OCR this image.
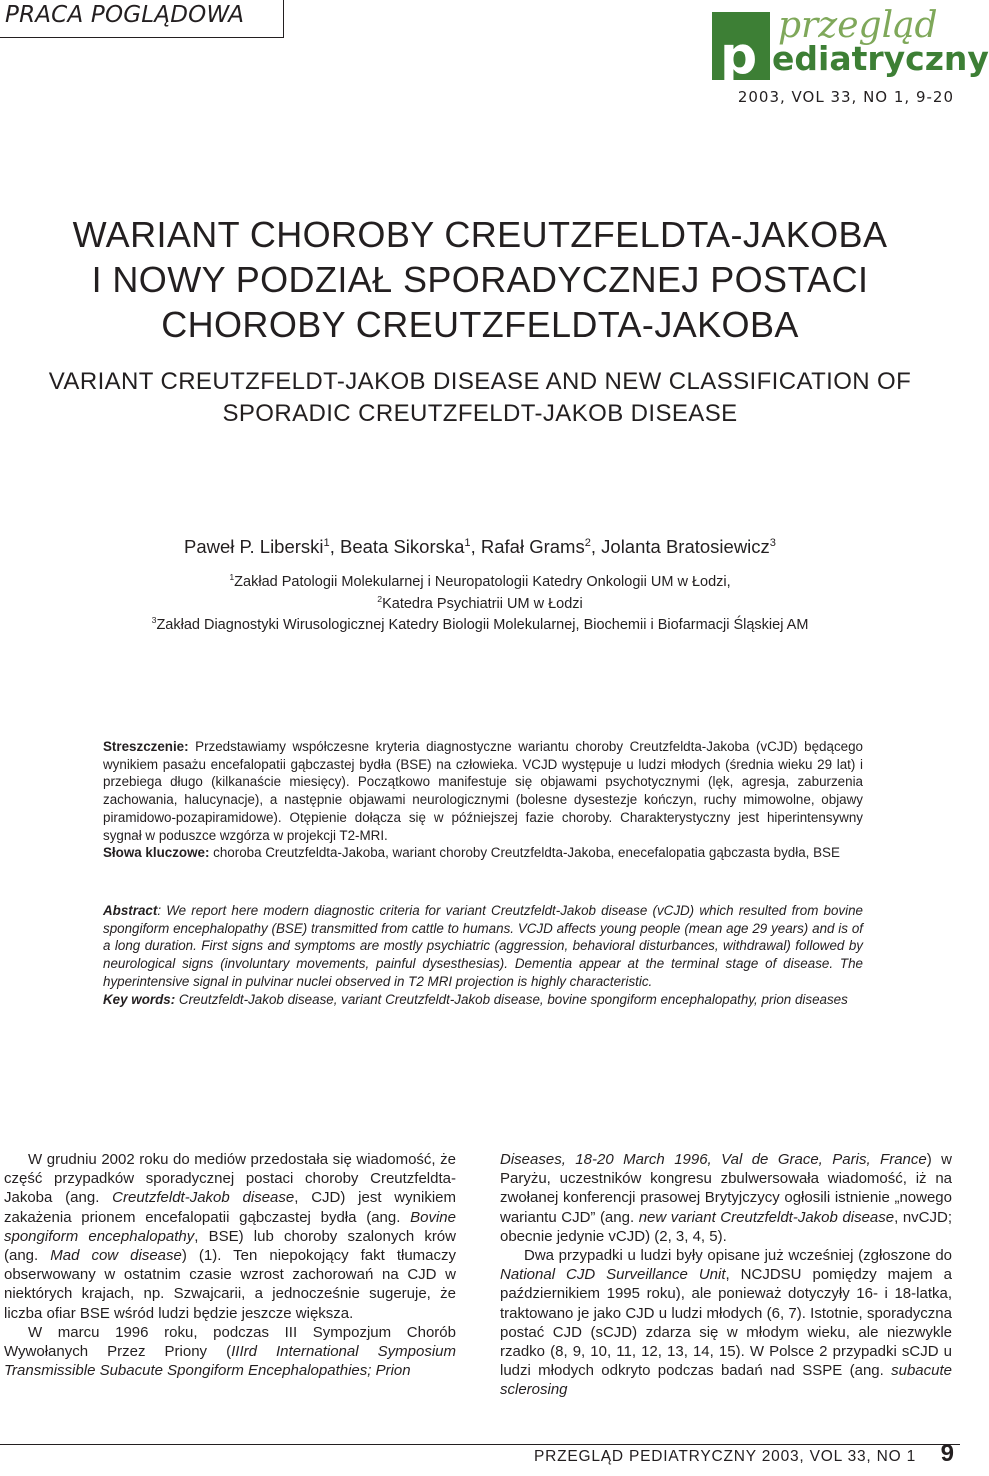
PRACA POGLĄDOWA
p
przegląd
ediatryczny
2003, VOL 33, NO 1, 9-20
WARIANT CHOROBY CREUTZFELDTA-JAKOBA
I NOWY PODZIAŁ SPORADYCZNEJ POSTACI
CHOROBY CREUTZFELDTA-JAKOBA
VARIANT CREUTZFELDT-JAKOB DISEASE AND NEW CLASSIFICATION OF
SPORADIC CREUTZFELDT-JAKOB DISEASE
Paweł P. Liberski$^1$, Beata Sikorska$^1$, Rafał Grams$^2$, Jolanta Bratosiewicz$^3$
$^1$Zakład Patologii Molekularnej i Neuropatologii Katedry Onkologii UM w Łodzi,
$^2$Katedra Psychiatrii UM w Łodzi
$^3$Zakład Diagnostyki Wirusologicznej Katedry Biologii Molekularnej, Biochemii i Biofarmacji Śląskiej AM
Streszczenie: Przedstawiamy współczesne kryteria diagnostyczne wariantu choroby Creutzfeldta-Jakoba (vCJD) będącego wynikiem pasażu encefalopatii gąbczastej bydła (BSE) na człowieka. VCJD występuje u ludzi młodych (średnia wieku 29 lat) i przebiega długo (kilkanaście miesięcy). Początkowo manifestuje się objawami psychotycznymi (lęk, agresja, zaburzenia zachowania, halucynacje), a następnie objawami neurologicznymi (bolesne dysestezje kończyn, ruchy mimowolne, objawy piramidowo-pozapiramidowe). Otępienie dołącza się w późniejszej fazie choroby. Charakterystyczny jest hiperintensywny sygnał w poduszce wzgórza w projekcji T2-MRI.
Słowa kluczowe: choroba Creutzfeldta-Jakoba, wariant choroby Creutzfeldta-Jakoba, enecefalopatia gąbczasta bydła, BSE
Abstract: We report here modern diagnostic criteria for variant Creutzfeldt-Jakob disease (vCJD) which resulted from bovine spongiform encephalopathy (BSE) transmitted from cattle to humans. VCJD affects young people (mean age 29 years) and is of a long duration. First signs and symptoms are mostly psychiatric (aggression, behavioral disturbances, withdrawal) followed by neurological signs (involuntary movements, painful dysesthesias). Dementia appear at the terminal stage of disease. The hyperintensive signal in pulvinar nuclei observed in T2 MRI projection is highly characteristic.
Key words: Creutzfeldt-Jakob disease, variant Creutzfeldt-Jakob disease, bovine spongiform encephalopathy, prion diseases

W grudniu 2002 roku do mediów przedostała się wiadomość, że część przypadków sporadycznej postaci choroby Creutzfeldta-Jakoba (ang. Creutzfeldt-Jakob disease, CJD) jest wynikiem zakażenia prionem encefalopatii gąbczastej bydła (ang. Bovine spongiform encephalopathy, BSE) lub choroby szalonych krów (ang. Mad cow disease) (1). Ten niepokojący fakt tłumaczy obserwowany w ostatnim czasie wzrost zachorowań na CJD w niektórych krajach, np. Szwajcarii, a jednocześnie sugeruje, że liczba ofiar BSE wśród ludzi będzie jeszcze większa.

W marcu 1996 roku, podczas III Sympozjum Chorób Wywołanych Przez Priony (IIIrd International Symposium Transmissible Subacute Spongiform Encephalopathies; Prion

Diseases, 18-20 March 1996, Val de Grace, Paris, France) w Paryżu, uczestników kongresu zbulwersowała wiadomość, iż na zwołanej konferencji prasowej Brytyjczycy ogłosili istnienie „nowego wariantu CJD” (ang. new variant Creutzfeldt-Jakob disease, nvCJD; obecnie jedynie vCJD) (2, 3, 4, 5).

Dwa przypadki u ludzi były opisane już wcześniej (zgłoszone do National CJD Surveillance Unit, NCJDSU pomiędzy majem a październikiem 1995 roku), ale ponieważ dotyczyły 16- i 18-latka, traktowano je jako CJD u ludzi młodych (6, 7). Istotnie, sporadyczna postać CJD (sCJD) zdarza się w młodym wieku, ale niezwykle rzadko (8, 9, 10, 11, 12, 13, 14, 15). W Polsce 2 przypadki sCJD u ludzi młodych odkryto podczas badań nad SSPE (ang. subacute sclerosing

PRZEGLĄD PEDIATRYCZNY 2003, VOL 33, NO 1 9
